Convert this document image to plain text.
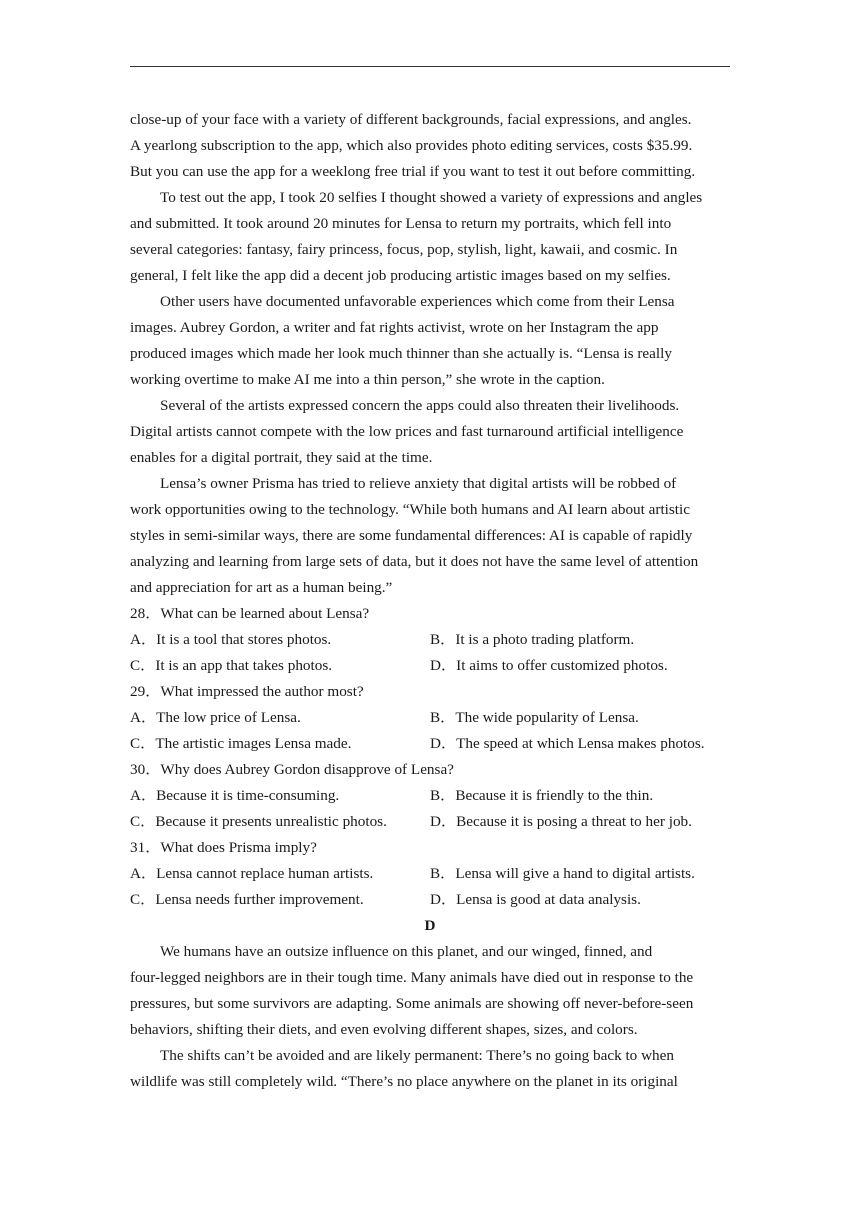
close-up of your face with a variety of different backgrounds, facial expressions, and angles.
A yearlong subscription to the app, which also provides photo editing services, costs $35.99.
But you can use the app for a weeklong free trial if you want to test it out before committing.
To test out the app, I took 20 selfies I thought showed a variety of expressions and angles
and submitted. It took around 20 minutes for Lensa to return my portraits, which fell into
several categories: fantasy, fairy princess, focus, pop, stylish, light, kawaii, and cosmic. In
general, I felt like the app did a decent job producing artistic images based on my selfies.
Other users have documented unfavorable experiences which come from their Lensa
images. Aubrey Gordon, a writer and fat rights activist, wrote on her Instagram the app
produced images which made her look much thinner than she actually is. “Lensa is really
working overtime to make AI me into a thin person,” she wrote in the caption.
Several of the artists expressed concern the apps could also threaten their livelihoods.
Digital artists cannot compete with the low prices and fast turnaround artificial intelligence
enables for a digital portrait, they said at the time.
Lensa’s owner Prisma has tried to relieve anxiety that digital artists will be robbed of
work opportunities owing to the technology. “While both humans and AI learn about artistic
styles in semi-similar ways, there are some fundamental differences: AI is capable of rapidly
analyzing and learning from large sets of data, but it does not have the same level of attention
and appreciation for art as a human being.”
28．What can be learned about Lensa?
A．It is a tool that stores photos.	B．It is a photo trading platform.
C．It is an app that takes photos.	D．It aims to offer customized photos.
29．What impressed the author most?
A．The low price of Lensa.	B．The wide popularity of Lensa.
C．The artistic images Lensa made.	D．The speed at which Lensa makes photos.
30．Why does Aubrey Gordon disapprove of Lensa?
A．Because it is time-consuming.	B．Because it is friendly to the thin.
C．Because it presents unrealistic photos.	D．Because it is posing a threat to her job.
31．What does Prisma imply?
A．Lensa cannot replace human artists.	B．Lensa will give a hand to digital artists.
C．Lensa needs further improvement.	D．Lensa is good at data analysis.
D
We humans have an outsize influence on this planet, and our winged, finned, and
four-legged neighbors are in their tough time. Many animals have died out in response to the
pressures, but some survivors are adapting. Some animals are showing off never-before-seen
behaviors, shifting their diets, and even evolving different shapes, sizes, and colors.
The shifts can’t be avoided and are likely permanent: There’s no going back to when
wildlife was still completely wild. “There’s no place anywhere on the planet in its original
